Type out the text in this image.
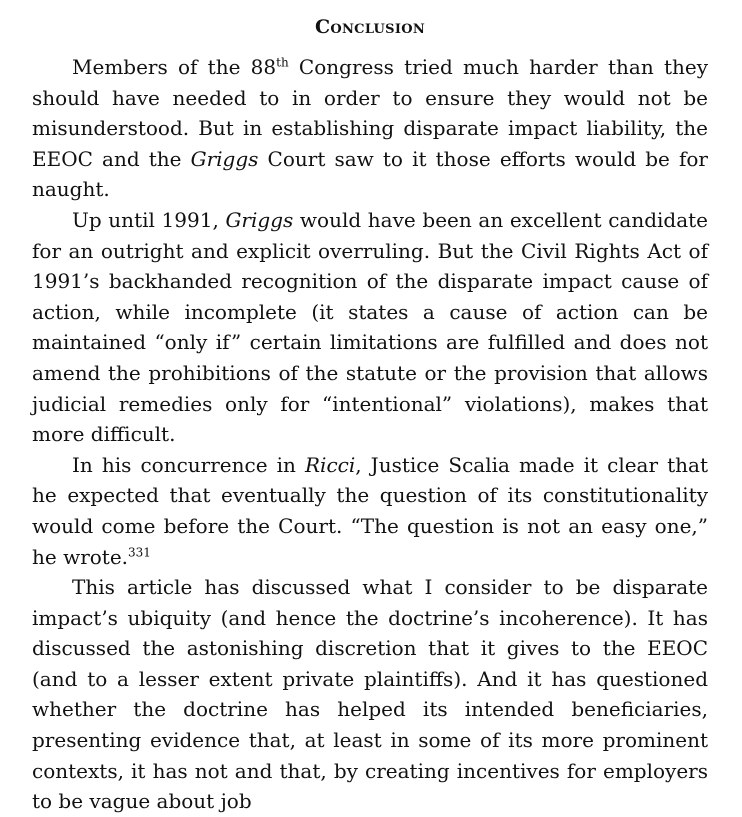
Conclusion

Members of the 88th Congress tried much harder than they should have needed to in order to ensure they would not be misunderstood. But in establishing disparate impact liability, the EEOC and the Griggs Court saw to it those efforts would be for naught.

Up until 1991, Griggs would have been an excellent candidate for an outright and explicit overruling. But the Civil Rights Act of 1991’s backhanded recognition of the disparate impact cause of action, while incomplete (it states a cause of action can be maintained “only if” certain limitations are fulfilled and does not amend the prohibitions of the statute or the provision that allows judicial remedies only for “intentional” violations), makes that more difficult.

In his concurrence in Ricci, Justice Scalia made it clear that he expected that eventually the question of its constitutionality would come before the Court. “The question is not an easy one,” he wrote.$^{331}$

This article has discussed what I consider to be disparate impact’s ubiquity (and hence the doctrine’s incoherence). It has discussed the astonishing discretion that it gives to the EEOC (and to a lesser extent private plaintiffs). And it has questioned whether the doctrine has helped its intended beneficiaries, presenting evidence that, at least in some of its more prominent contexts, it has not and that, by creating incentives for employers to be vague about job
